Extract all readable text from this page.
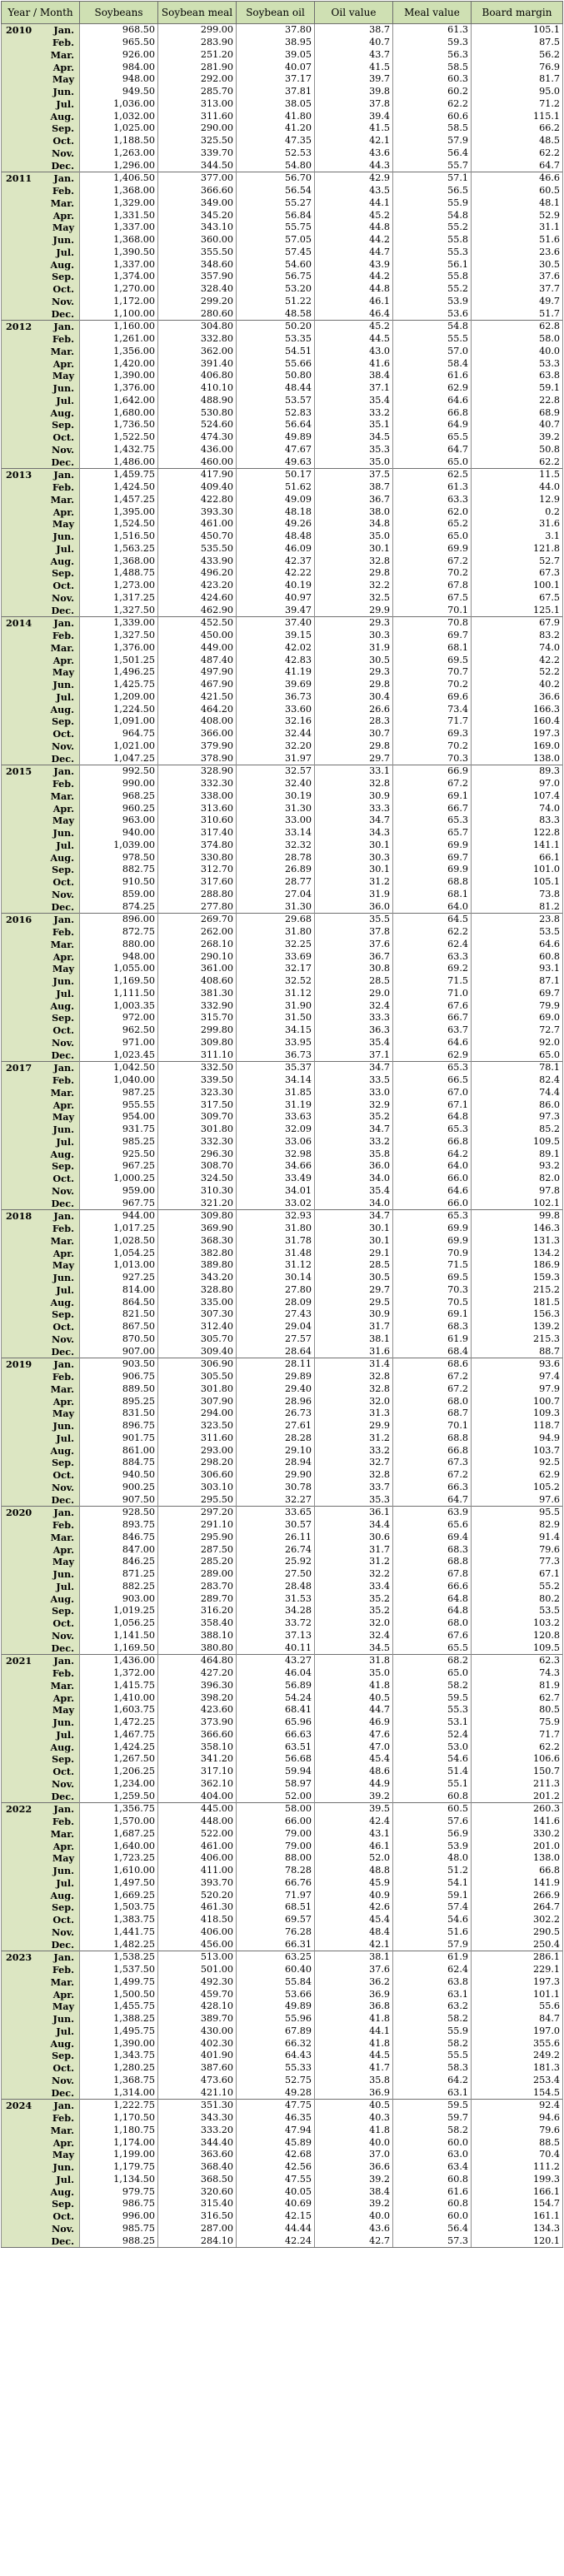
Year / Month	Soybeans	Soybean meal	Soybean oil	Oil value	Meal value	Board margin

2010 Jan.	968.50	299.00	37.80	38.7	61.3	105.1
Feb.	965.50	283.90	38.95	40.7	59.3	87.5
Mar.	926.00	251.20	39.05	43.7	56.3	56.2
Apr.	984.00	281.90	40.07	41.5	58.5	76.9
May	948.00	292.00	37.17	39.7	60.3	81.7
Jun.	949.50	285.70	37.81	39.8	60.2	95.0
Jul.	1,036.00	313.00	38.05	37.8	62.2	71.2
Aug.	1,032.00	311.60	41.80	39.4	60.6	115.1
Sep.	1,025.00	290.00	41.20	41.5	58.5	66.2
Oct.	1,188.50	325.50	47.35	42.1	57.9	48.5
Nov.	1,263.00	339.70	52.53	43.6	56.4	62.2
Dec.	1,296.00	344.50	54.80	44.3	55.7	64.7

2011 Jan.	1,406.50	377.00	56.70	42.9	57.1	46.6
Feb.	1,368.00	366.60	56.54	43.5	56.5	60.5
Mar.	1,329.00	349.00	55.27	44.1	55.9	48.1
Apr.	1,331.50	345.20	56.84	45.2	54.8	52.9
May	1,337.00	343.10	55.75	44.8	55.2	31.1
Jun.	1,368.00	360.00	57.05	44.2	55.8	51.6
Jul.	1,390.50	355.50	57.45	44.7	55.3	23.6
Aug.	1,337.00	348.60	54.60	43.9	56.1	30.5
Sep.	1,374.00	357.90	56.75	44.2	55.8	37.6
Oct.	1,270.00	328.40	53.20	44.8	55.2	37.7
Nov.	1,172.00	299.20	51.22	46.1	53.9	49.7
Dec.	1,100.00	280.60	48.58	46.4	53.6	51.7

2012 Jan.	1,160.00	304.80	50.20	45.2	54.8	62.8
Feb.	1,261.00	332.80	53.35	44.5	55.5	58.0
Mar.	1,356.00	362.00	54.51	43.0	57.0	40.0
Apr.	1,420.00	391.40	55.66	41.6	58.4	53.3
May	1,390.00	406.80	50.80	38.4	61.6	63.8
Jun.	1,376.00	410.10	48.44	37.1	62.9	59.1
Jul.	1,642.00	488.90	53.57	35.4	64.6	22.8
Aug.	1,680.00	530.80	52.83	33.2	66.8	68.9
Sep.	1,736.50	524.60	56.64	35.1	64.9	40.7
Oct.	1,522.50	474.30	49.89	34.5	65.5	39.2
Nov.	1,432.75	436.00	47.67	35.3	64.7	50.8
Dec.	1,486.00	460.00	49.63	35.0	65.0	62.2

2013 Jan.	1,459.75	417.90	50.17	37.5	62.5	11.5
Feb.	1,424.50	409.40	51.62	38.7	61.3	44.0
Mar.	1,457.25	422.80	49.09	36.7	63.3	12.9
Apr.	1,395.00	393.30	48.18	38.0	62.0	0.2
May	1,524.50	461.00	49.26	34.8	65.2	31.6
Jun.	1,516.50	450.70	48.48	35.0	65.0	3.1
Jul.	1,563.25	535.50	46.09	30.1	69.9	121.8
Aug.	1,368.00	433.90	42.37	32.8	67.2	52.7
Sep.	1,488.75	496.20	42.22	29.8	70.2	67.3
Oct.	1,273.00	423.20	40.19	32.2	67.8	100.1
Nov.	1,317.25	424.60	40.97	32.5	67.5	67.5
Dec.	1,327.50	462.90	39.47	29.9	70.1	125.1

2014 Jan.	1,339.00	452.50	37.40	29.3	70.8	67.9
Feb.	1,327.50	450.00	39.15	30.3	69.7	83.2
Mar.	1,376.00	449.00	42.02	31.9	68.1	74.0
Apr.	1,501.25	487.40	42.83	30.5	69.5	42.2
May	1,496.25	497.90	41.19	29.3	70.7	52.2
Jun.	1,425.75	467.90	39.69	29.8	70.2	40.2
Jul.	1,209.00	421.50	36.73	30.4	69.6	36.6
Aug.	1,224.50	464.20	33.60	26.6	73.4	166.3
Sep.	1,091.00	408.00	32.16	28.3	71.7	160.4
Oct.	964.75	366.00	32.44	30.7	69.3	197.3
Nov.	1,021.00	379.90	32.20	29.8	70.2	169.0
Dec.	1,047.25	378.90	31.97	29.7	70.3	138.0

2015 Jan.	992.50	328.90	32.57	33.1	66.9	89.3
Feb.	990.00	332.30	32.40	32.8	67.2	97.0
Mar.	968.25	338.00	30.19	30.9	69.1	107.4
Apr.	960.25	313.60	31.30	33.3	66.7	74.0
May	963.00	310.60	33.00	34.7	65.3	83.3
Jun.	940.00	317.40	33.14	34.3	65.7	122.8
Jul.	1,039.00	374.80	32.32	30.1	69.9	141.1
Aug.	978.50	330.80	28.78	30.3	69.7	66.1
Sep.	882.75	312.70	26.89	30.1	69.9	101.0
Oct.	910.50	317.60	28.77	31.2	68.8	105.1
Nov.	859.00	288.80	27.04	31.9	68.1	73.8
Dec.	874.25	277.80	31.30	36.0	64.0	81.2

2016 Jan.	896.00	269.70	29.68	35.5	64.5	23.8
Feb.	872.75	262.00	31.80	37.8	62.2	53.5
Mar.	880.00	268.10	32.25	37.6	62.4	64.6
Apr.	948.00	290.10	33.69	36.7	63.3	60.8
May	1,055.00	361.00	32.17	30.8	69.2	93.1
Jun.	1,169.50	408.60	32.52	28.5	71.5	87.1
Jul.	1,111.50	381.30	31.12	29.0	71.0	69.7
Aug.	1,003.35	332.90	31.90	32.4	67.6	79.9
Sep.	972.00	315.70	31.50	33.3	66.7	69.0
Oct.	962.50	299.80	34.15	36.3	63.7	72.7
Nov.	971.00	309.80	33.95	35.4	64.6	92.0
Dec.	1,023.45	311.10	36.73	37.1	62.9	65.0

2017 Jan.	1,042.50	332.50	35.37	34.7	65.3	78.1
Feb.	1,040.00	339.50	34.14	33.5	66.5	82.4
Mar.	987.25	323.30	31.85	33.0	67.0	74.4
Apr.	955.55	317.50	31.19	32.9	67.1	86.0
May	954.00	309.70	33.63	35.2	64.8	97.3
Jun.	931.75	301.80	32.09	34.7	65.3	85.2
Jul.	985.25	332.30	33.06	33.2	66.8	109.5
Aug.	925.50	296.30	32.98	35.8	64.2	89.1
Sep.	967.25	308.70	34.66	36.0	64.0	93.2
Oct.	1,000.25	324.50	33.49	34.0	66.0	82.0
Nov.	959.00	310.30	34.01	35.4	64.6	97.8
Dec.	967.75	321.20	33.02	34.0	66.0	102.1

2018 Jan.	944.00	309.80	32.93	34.7	65.3	99.8
Feb.	1,017.25	369.90	31.80	30.1	69.9	146.3
Mar.	1,028.50	368.30	31.78	30.1	69.9	131.3
Apr.	1,054.25	382.80	31.48	29.1	70.9	134.2
May	1,013.00	389.80	31.12	28.5	71.5	186.9
Jun.	927.25	343.20	30.14	30.5	69.5	159.3
Jul.	814.00	328.80	27.80	29.7	70.3	215.2
Aug.	864.50	335.00	28.09	29.5	70.5	181.5
Sep.	821.50	307.30	27.43	30.9	69.1	156.3
Oct.	867.50	312.40	29.04	31.7	68.3	139.2
Nov.	870.50	305.70	27.57	38.1	61.9	215.3
Dec.	907.00	309.40	28.64	31.6	68.4	88.7

2019 Jan.	903.50	306.90	28.11	31.4	68.6	93.6
Feb.	906.75	305.50	29.89	32.8	67.2	97.4
Mar.	889.50	301.80	29.40	32.8	67.2	97.9
Apr.	895.25	307.90	28.96	32.0	68.0	100.7
May	831.50	294.00	26.73	31.3	68.7	109.3
Jun.	896.75	323.50	27.61	29.9	70.1	118.7
Jul.	901.75	311.60	28.28	31.2	68.8	94.9
Aug.	861.00	293.00	29.10	33.2	66.8	103.7
Sep.	884.75	298.20	28.94	32.7	67.3	92.5
Oct.	940.50	306.60	29.90	32.8	67.2	62.9
Nov.	900.25	303.10	30.78	33.7	66.3	105.2
Dec.	907.50	295.50	32.27	35.3	64.7	97.6

2020 Jan.	928.50	297.20	33.65	36.1	63.9	95.5
Feb.	893.75	291.10	30.57	34.4	65.6	82.9
Mar.	846.75	295.90	26.11	30.6	69.4	91.4
Apr.	847.00	287.50	26.74	31.7	68.3	79.6
May	846.25	285.20	25.92	31.2	68.8	77.3
Jun.	871.25	289.00	27.50	32.2	67.8	67.1
Jul.	882.25	283.70	28.48	33.4	66.6	55.2
Aug.	903.00	289.70	31.53	35.2	64.8	80.2
Sep.	1,019.25	316.20	34.28	35.2	64.8	53.5
Oct.	1,056.25	358.40	33.72	32.0	68.0	103.2
Nov.	1,141.50	388.10	37.13	32.4	67.6	120.8
Dec.	1,169.50	380.80	40.11	34.5	65.5	109.5

2021 Jan.	1,436.00	464.80	43.27	31.8	68.2	62.3
Feb.	1,372.00	427.20	46.04	35.0	65.0	74.3
Mar.	1,415.75	396.30	56.89	41.8	58.2	81.9
Apr.	1,410.00	398.20	54.24	40.5	59.5	62.7
May	1,603.75	423.60	68.41	44.7	55.3	80.5
Jun.	1,472.25	373.90	65.96	46.9	53.1	75.9
Jul.	1,467.75	366.60	66.63	47.6	52.4	71.7
Aug.	1,424.25	358.10	63.51	47.0	53.0	62.2
Sep.	1,267.50	341.20	56.68	45.4	54.6	106.6
Oct.	1,206.25	317.10	59.94	48.6	51.4	150.7
Nov.	1,234.00	362.10	58.97	44.9	55.1	211.3
Dec.	1,259.50	404.00	52.00	39.2	60.8	201.2

2022 Jan.	1,356.75	445.00	58.00	39.5	60.5	260.3
Feb.	1,570.00	448.00	66.00	42.4	57.6	141.6
Mar.	1,687.25	522.00	79.00	43.1	56.9	330.2
Apr.	1,640.00	461.00	79.00	46.1	53.9	201.0
May	1,723.25	406.00	88.00	52.0	48.0	138.0
Jun.	1,610.00	411.00	78.28	48.8	51.2	66.8
Jul.	1,497.50	393.70	66.76	45.9	54.1	141.9
Aug.	1,669.25	520.20	71.97	40.9	59.1	266.9
Sep.	1,503.75	461.30	68.51	42.6	57.4	264.7
Oct.	1,383.75	418.50	69.57	45.4	54.6	302.2
Nov.	1,441.75	406.00	76.28	48.4	51.6	290.5
Dec.	1,482.25	456.00	66.31	42.1	57.9	250.4

2023 Jan.	1,538.25	513.00	63.25	38.1	61.9	286.1
Feb.	1,537.50	501.00	60.40	37.6	62.4	229.1
Mar.	1,499.75	492.30	55.84	36.2	63.8	197.3
Apr.	1,500.50	459.70	53.66	36.9	63.1	101.1
May	1,455.75	428.10	49.89	36.8	63.2	55.6
Jun.	1,388.25	389.70	55.96	41.8	58.2	84.7
Jul.	1,495.75	430.00	67.89	44.1	55.9	197.0
Aug.	1,390.00	402.30	66.32	41.8	58.2	355.6
Sep.	1,343.75	401.90	64.43	44.5	55.5	249.2
Oct.	1,280.25	387.60	55.33	41.7	58.3	181.3
Nov.	1,368.75	473.60	52.75	35.8	64.2	253.4
Dec.	1,314.00	421.10	49.28	36.9	63.1	154.5

2024 Jan.	1,222.75	351.30	47.75	40.5	59.5	92.4
Feb.	1,170.50	343.30	46.35	40.3	59.7	94.6
Mar.	1,180.75	333.20	47.94	41.8	58.2	79.6
Apr.	1,174.00	344.40	45.89	40.0	60.0	88.5
May	1,199.00	363.60	42.68	37.0	63.0	70.4
Jun.	1,179.75	368.40	42.56	36.6	63.4	111.2
Jul.	1,134.50	368.50	47.55	39.2	60.8	199.3
Aug.	979.75	320.60	40.05	38.4	61.6	166.1
Sep.	986.75	315.40	40.69	39.2	60.8	154.7
Oct.	996.00	316.50	42.15	40.0	60.0	161.1
Nov.	985.75	287.00	44.44	43.6	56.4	134.3
Dec.	988.25	284.10	42.24	42.7	57.3	120.1
